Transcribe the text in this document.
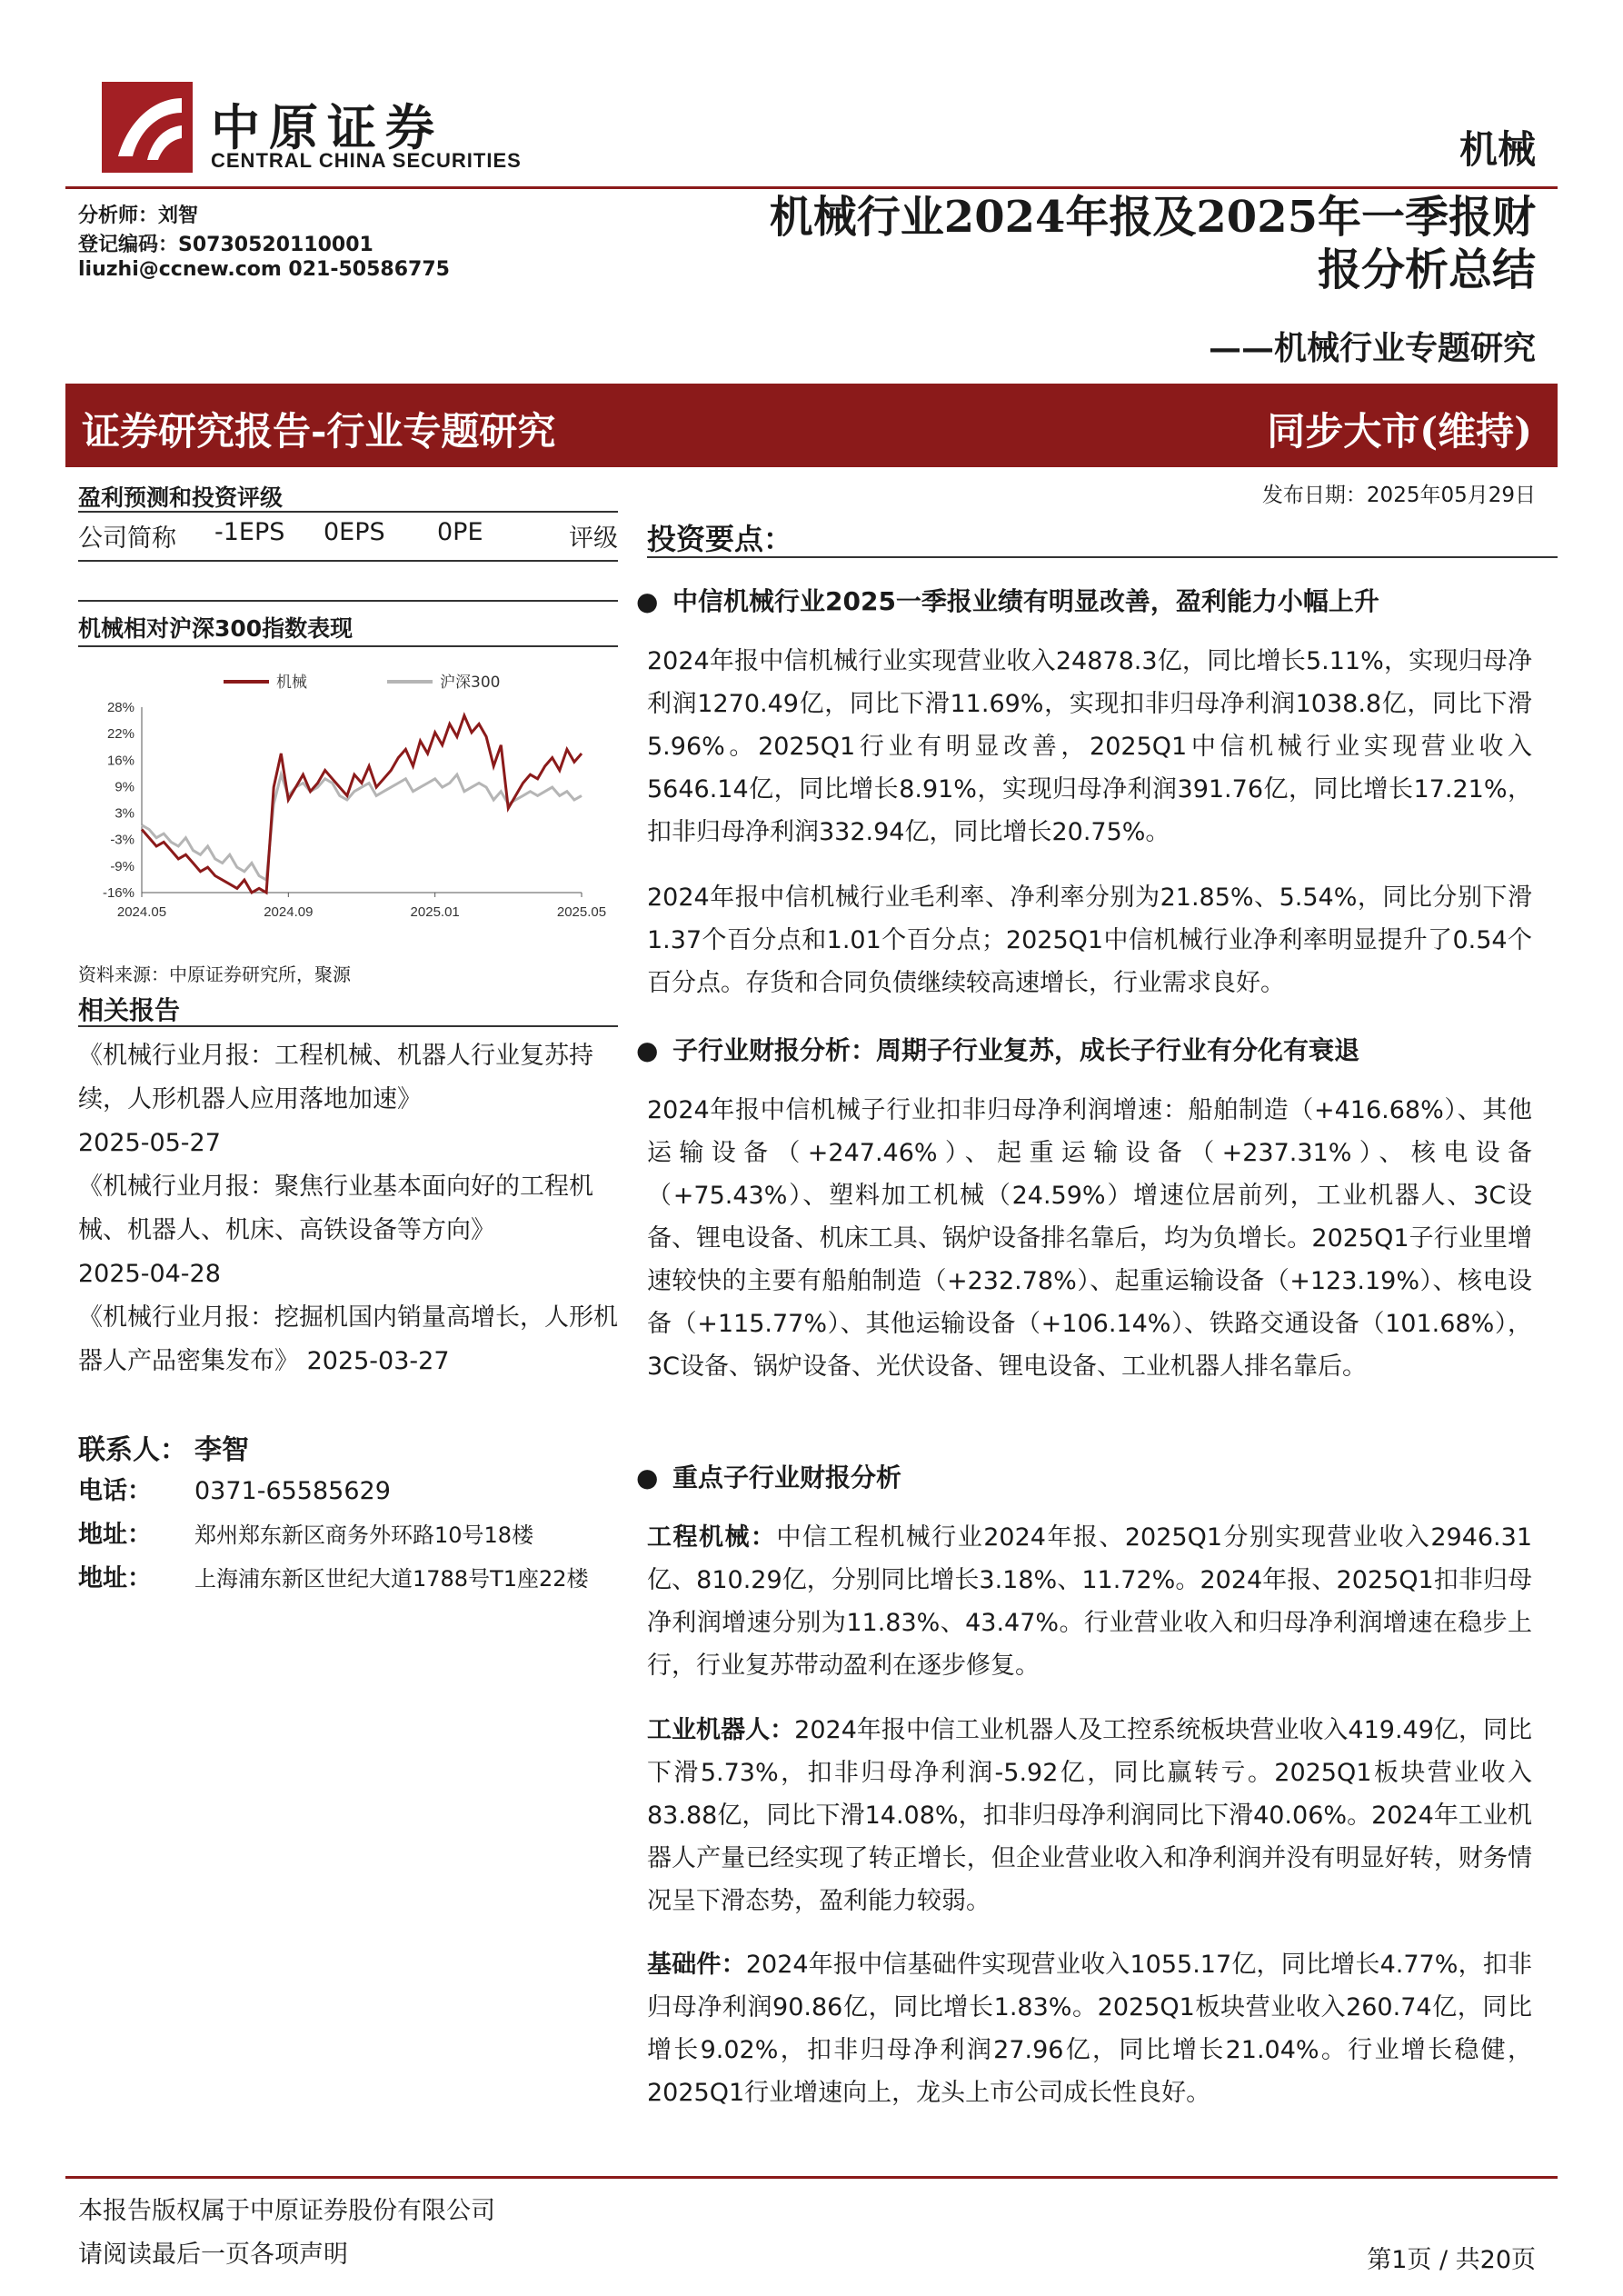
中原证券
CENTRAL CHINA SECURITIES	机械
分析师：刘智
登记编码：S0730520110001
liuzhi@ccnew.com 021-50586775
机械行业2024年报及2025年一季报财
报分析总结
——机械行业专题研究
证券研究报告-行业专题研究	同步大市(维持)
发布日期：2025年05月29日
盈利预测和投资评级
公司简称	-1EPS	0EPS	0PE	评级
机械相对沪深300指数表现
28%
22%
16%
9%
3%
-3%
-9%
-16%
2024.05	2024.09	2025.01	2025.05
机械	沪深300
资料来源：中原证券研究所，聚源
相关报告
《机械行业月报：工程机械、机器人行业复苏持续，人形机器人应用落地加速》
2025-05-27
《机械行业月报：聚焦行业基本面向好的工程机械、机器人、机床、高铁设备等方向》
2025-04-28
《机械行业月报：挖掘机国内销量高增长，人形机器人产品密集发布》 2025-03-27
联系人： 李智
电话： 0371-65585629
地址： 郑州郑东新区商务外环路10号18楼
地址： 上海浦东新区世纪大道1788号T1座22楼
投资要点：
● 中信机械行业2025一季报业绩有明显改善，盈利能力小幅上升
2024年报中信机械行业实现营业收入24878.3亿，同比增长5.11%，实现归母净利润1270.49亿，同比下滑11.69%，实现扣非归母净利润1038.8亿，同比下滑5.96%。2025Q1行业有明显改善，2025Q1中信机械行业实现营业收入5646.14亿，同比增长8.91%，实现归母净利润391.76亿，同比增长17.21%，扣非归母净利润332.94亿，同比增长20.75%。
2024年报中信机械行业毛利率、净利率分别为21.85%、5.54%，同比分别下滑1.37个百分点和1.01个百分点；2025Q1中信机械行业净利率明显提升了0.54个百分点。存货和合同负债继续较高速增长，行业需求良好。
● 子行业财报分析：周期子行业复苏，成长子行业有分化有衰退
2024年报中信机械子行业扣非归母净利润增速：船舶制造（+416.68%）、其他运输设备（+247.46%）、起重运输设备（+237.31%）、核电设备（+75.43%）、塑料加工机械（24.59%）增速位居前列，工业机器人、3C设备、锂电设备、机床工具、锅炉设备排名靠后，均为负增长。2025Q1子行业里增速较快的主要有船舶制造（+232.78%）、起重运输设备（+123.19%）、核电设备（+115.77%）、其他运输设备（+106.14%）、铁路交通设备（101.68%），3C设备、锅炉设备、光伏设备、锂电设备、工业机器人排名靠后。
● 重点子行业财报分析
工程机械：中信工程机械行业2024年报、2025Q1分别实现营业收入2946.31亿、810.29亿，分别同比增长3.18%、11.72%。2024年报、2025Q1扣非归母净利润增速分别为11.83%、43.47%。行业营业收入和归母净利润增速在稳步上行，行业复苏带动盈利在逐步修复。
工业机器人：2024年报中信工业机器人及工控系统板块营业收入419.49亿，同比下滑5.73%，扣非归母净利润-5.92亿，同比赢转亏。2025Q1板块营业收入83.88亿，同比下滑14.08%，扣非归母净利润同比下滑40.06%。2024年工业机器人产量已经实现了转正增长，但企业营业收入和净利润并没有明显好转，财务情况呈下滑态势，盈利能力较弱。
基础件：2024年报中信基础件实现营业收入1055.17亿，同比增长4.77%，扣非归母净利润90.86亿，同比增长1.83%。2025Q1板块营业收入260.74亿，同比增长9.02%，扣非归母净利润27.96亿，同比增长21.04%。行业增长稳健，2025Q1行业增速向上，龙头上市公司成长性良好。
本报告版权属于中原证券股份有限公司
请阅读最后一页各项声明	第1页 / 共20页
